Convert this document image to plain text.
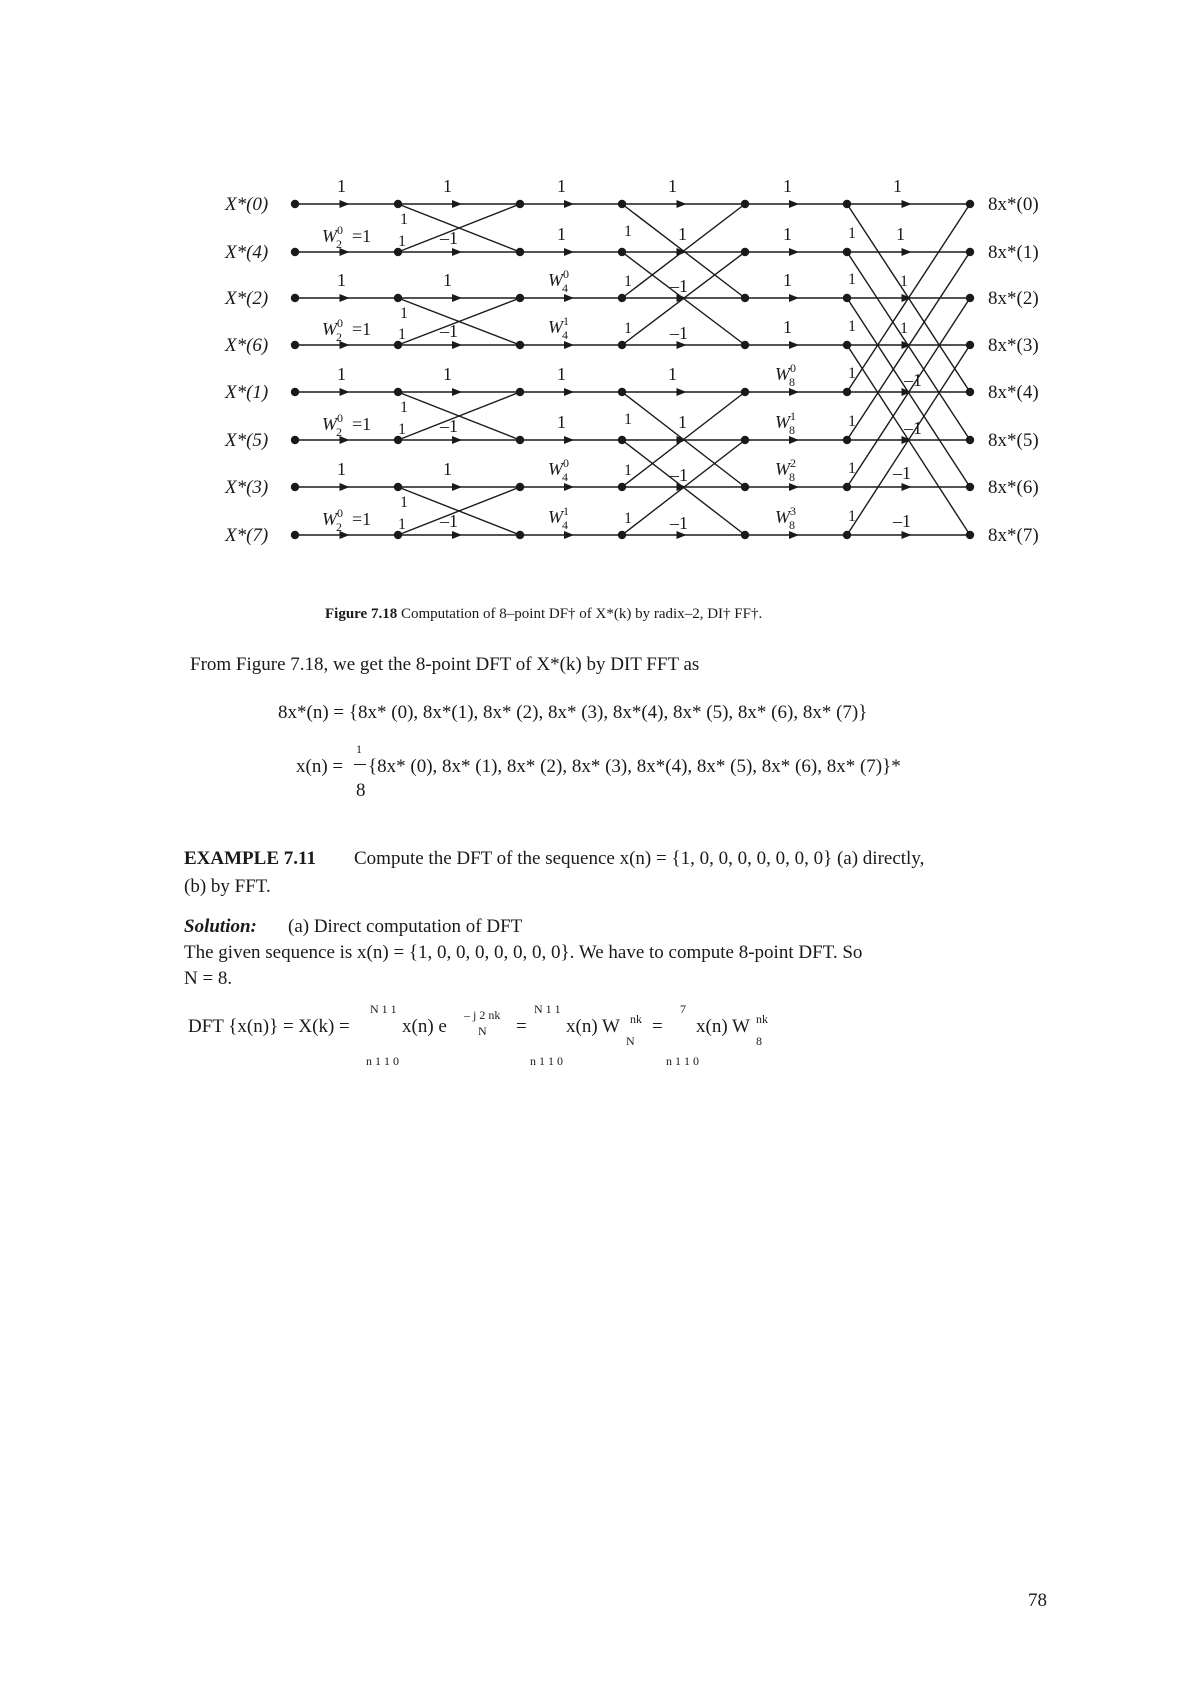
1
$W^0$ 2 =1
1
1
1 –1
1
$W^0$ 2 =1
1
1
1 –1
1
$W^0$ 2 =1
1
1
1 –1
1
$W^0$ 2 =1
1
1
1 –1
1
1
$W^0$ 4
$W^1$ 4
1
1
$W^0$ 4
$W^1$ 4
1
1	1
1 –1
1 –1
1
1	1
1 –1
1 –1
1
1
1
1
$W^0$ 8
$W^1$ 8
$W^2$ 8
$W^3$ 8
1
1 1
1	1
1	1
1	–1
1	–1
1 –1
1 –1
X*(0)
X*(4)
X*(2)
X*(6)
X*(1)
X*(5)
X*(3)
X*(7)
8x*(0)
8x*(1)
8x*(2)
8x*(3)
8x*(4)
8x*(5)
8x*(6)
8x*(7)
Figure 7.18 Computation of 8–point DF† of X*(k) by radix–2, DI† FF†.
From Figure 7.18, we get the 8-point DFT of X*(k) by DIT FFT as
8x*(n) = {8x* (0), 8x*(1), 8x* (2), 8x* (3), 8x*(4), 8x* (5), 8x* (6), 8x* (7)}
x(n) =
1
8
{8x* (0), 8x* (1), 8x* (2), 8x* (3), 8x*(4), 8x* (5), 8x* (6), 8x* (7)}*
EXAMPLE 7.11 Compute the DFT of the sequence x(n) = {1, 0, 0, 0, 0, 0, 0, 0} (a) directly,
(b) by FFT.
Solution: (a) Direct computation of DFT
The given sequence is x(n) = {1, 0, 0, 0, 0, 0, 0, 0}. We have to compute 8-point DFT. So
N = 8.
DFT {x(n)} = X(k) =
N 1 1
x(n) e
– j 2 nk
N =
N 1 1
x(n) W nk
N
=
7
x(n) W nk
8
n 1 1 0	n 1 1 0	n 1 1 0
78
